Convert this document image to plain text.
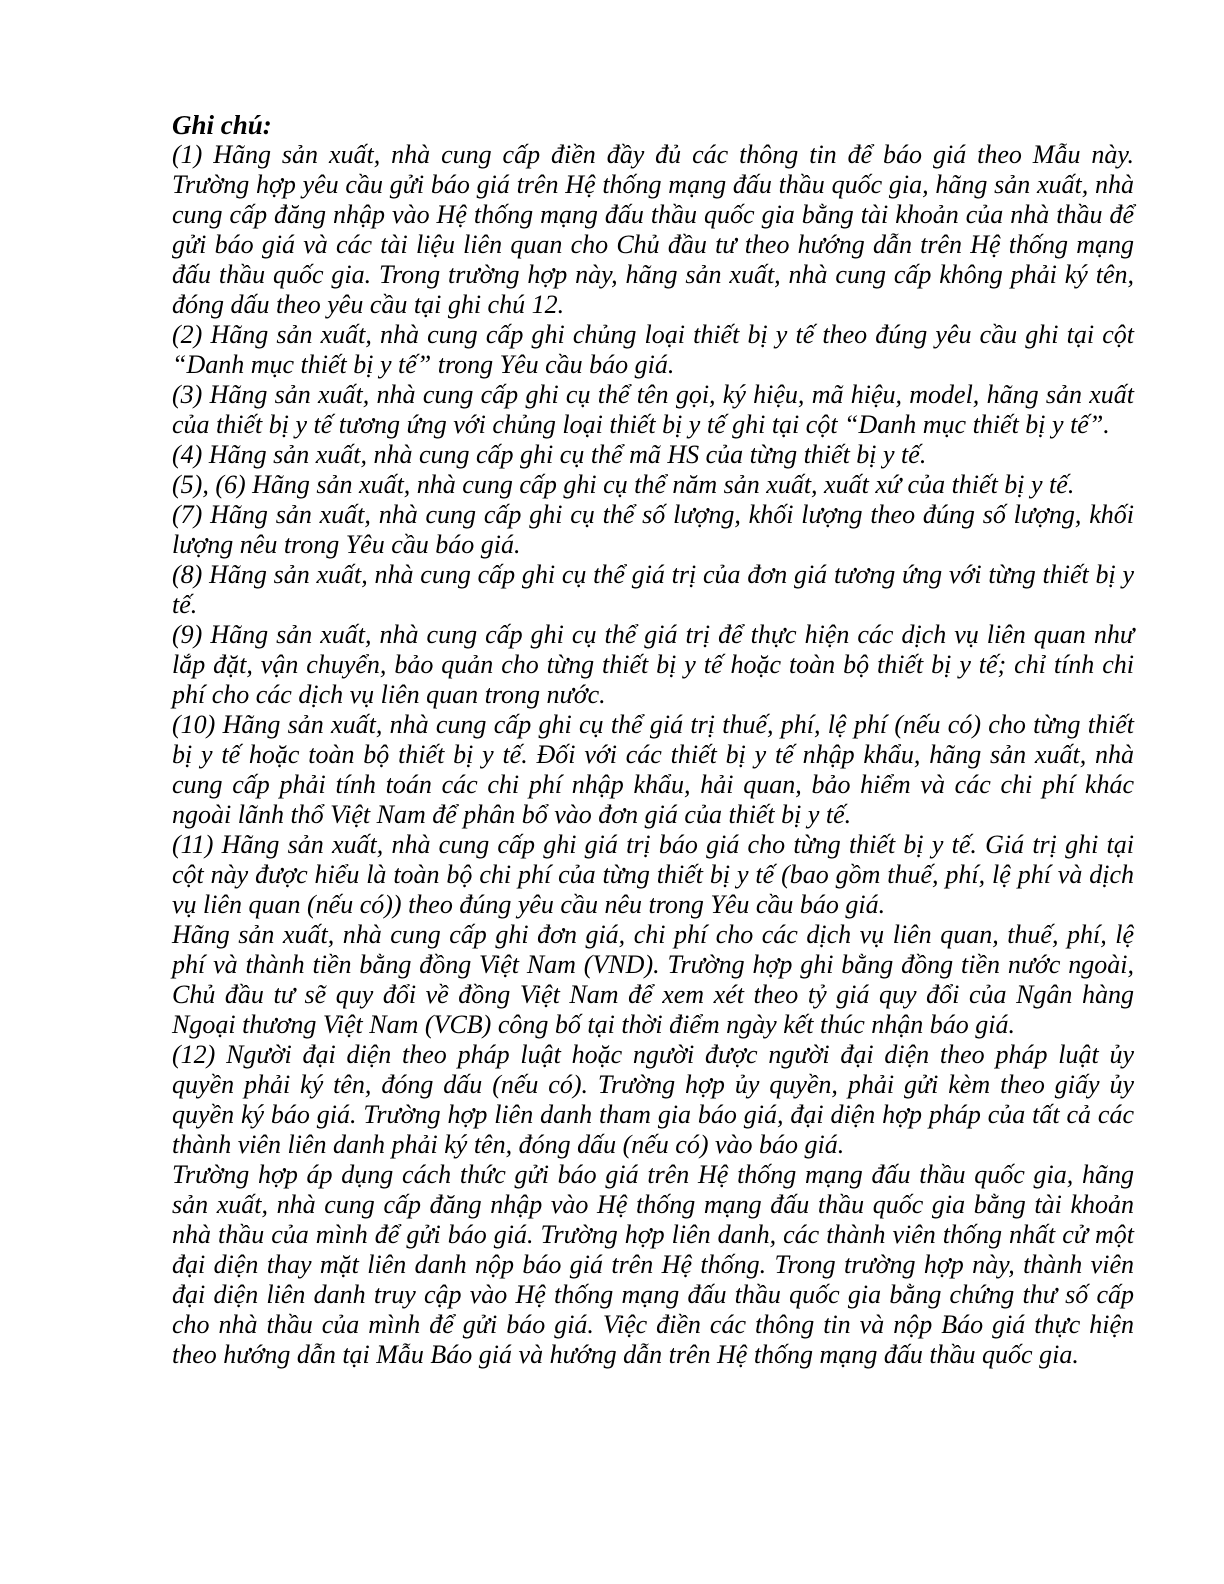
Ghi chú:

(1) Hãng sản xuất, nhà cung cấp điền đầy đủ các thông tin để báo giá theo Mẫu này. Trường hợp yêu cầu gửi báo giá trên Hệ thống mạng đấu thầu quốc gia, hãng sản xuất, nhà cung cấp đăng nhập vào Hệ thống mạng đấu thầu quốc gia bằng tài khoản của nhà thầu để gửi báo giá và các tài liệu liên quan cho Chủ đầu tư theo hướng dẫn trên Hệ thống mạng đấu thầu quốc gia. Trong trường hợp này, hãng sản xuất, nhà cung cấp không phải ký tên, đóng dấu theo yêu cầu tại ghi chú 12.

(2) Hãng sản xuất, nhà cung cấp ghi chủng loại thiết bị y tế theo đúng yêu cầu ghi tại cột “Danh mục thiết bị y tế” trong Yêu cầu báo giá.

(3) Hãng sản xuất, nhà cung cấp ghi cụ thể tên gọi, ký hiệu, mã hiệu, model, hãng sản xuất của thiết bị y tế tương ứng với chủng loại thiết bị y tế ghi tại cột “Danh mục thiết bị y tế”.

(4) Hãng sản xuất, nhà cung cấp ghi cụ thể mã HS của từng thiết bị y tế.

(5), (6) Hãng sản xuất, nhà cung cấp ghi cụ thể năm sản xuất, xuất xứ của thiết bị y tế.

(7) Hãng sản xuất, nhà cung cấp ghi cụ thể số lượng, khối lượng theo đúng số lượng, khối lượng nêu trong Yêu cầu báo giá.

(8) Hãng sản xuất, nhà cung cấp ghi cụ thể giá trị của đơn giá tương ứng với từng thiết bị y tế.

(9) Hãng sản xuất, nhà cung cấp ghi cụ thể giá trị để thực hiện các dịch vụ liên quan như lắp đặt, vận chuyển, bảo quản cho từng thiết bị y tế hoặc toàn bộ thiết bị y tế; chỉ tính chi phí cho các dịch vụ liên quan trong nước.

(10) Hãng sản xuất, nhà cung cấp ghi cụ thể giá trị thuế, phí, lệ phí (nếu có) cho từng thiết bị y tế hoặc toàn bộ thiết bị y tế. Đối với các thiết bị y tế nhập khẩu, hãng sản xuất, nhà cung cấp phải tính toán các chi phí nhập khẩu, hải quan, bảo hiểm và các chi phí khác ngoài lãnh thổ Việt Nam để phân bổ vào đơn giá của thiết bị y tế.

(11) Hãng sản xuất, nhà cung cấp ghi giá trị báo giá cho từng thiết bị y tế. Giá trị ghi tại cột này được hiểu là toàn bộ chi phí của từng thiết bị y tế (bao gồm thuế, phí, lệ phí và dịch vụ liên quan (nếu có)) theo đúng yêu cầu nêu trong Yêu cầu báo giá.

Hãng sản xuất, nhà cung cấp ghi đơn giá, chi phí cho các dịch vụ liên quan, thuế, phí, lệ phí và thành tiền bằng đồng Việt Nam (VND). Trường hợp ghi bằng đồng tiền nước ngoài, Chủ đầu tư sẽ quy đổi về đồng Việt Nam để xem xét theo tỷ giá quy đổi của Ngân hàng Ngoại thương Việt Nam (VCB) công bố tại thời điểm ngày kết thúc nhận báo giá.

(12) Người đại diện theo pháp luật hoặc người được người đại diện theo pháp luật ủy quyền phải ký tên, đóng dấu (nếu có). Trường hợp ủy quyền, phải gửi kèm theo giấy ủy quyền ký báo giá. Trường hợp liên danh tham gia báo giá, đại diện hợp pháp của tất cả các thành viên liên danh phải ký tên, đóng dấu (nếu có) vào báo giá.

Trường hợp áp dụng cách thức gửi báo giá trên Hệ thống mạng đấu thầu quốc gia, hãng sản xuất, nhà cung cấp đăng nhập vào Hệ thống mạng đấu thầu quốc gia bằng tài khoản nhà thầu của mình để gửi báo giá. Trường hợp liên danh, các thành viên thống nhất cử một đại diện thay mặt liên danh nộp báo giá trên Hệ thống. Trong trường hợp này, thành viên đại diện liên danh truy cập vào Hệ thống mạng đấu thầu quốc gia bằng chứng thư số cấp cho nhà thầu của mình để gửi báo giá. Việc điền các thông tin và nộp Báo giá thực hiện theo hướng dẫn tại Mẫu Báo giá và hướng dẫn trên Hệ thống mạng đấu thầu quốc gia.
